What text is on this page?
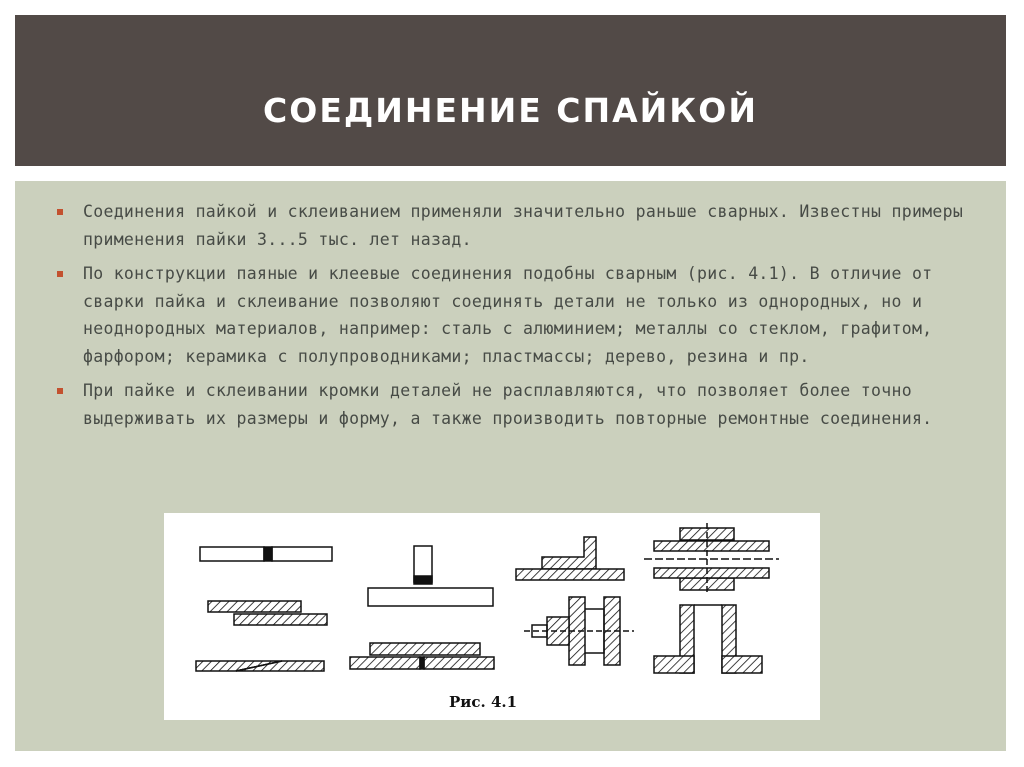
СОЕДИНЕНИЕ СПАЙКОЙ
Соединения пайкой и склеиванием применяли значительно раньше сварных. Известны примеры применения пайки 3...5 тыс. лет назад.
По конструкции паяные и клеевые соединения подобны сварным (рис. 4.1). В отличие от сварки пайка и склеивание позволяют соединять детали не только из однородных, но и неоднородных материалов, например: сталь с алюминием; металлы со стеклом, графитом, фарфором; керамика с полупроводниками; пластмассы; дерево, резина и пр.
При пайке и склеивании кромки деталей не расплавляются, что позволяет более точно выдерживать их размеры и форму, а также производить повторные ремонтные соединения.
Рис. 4.1
